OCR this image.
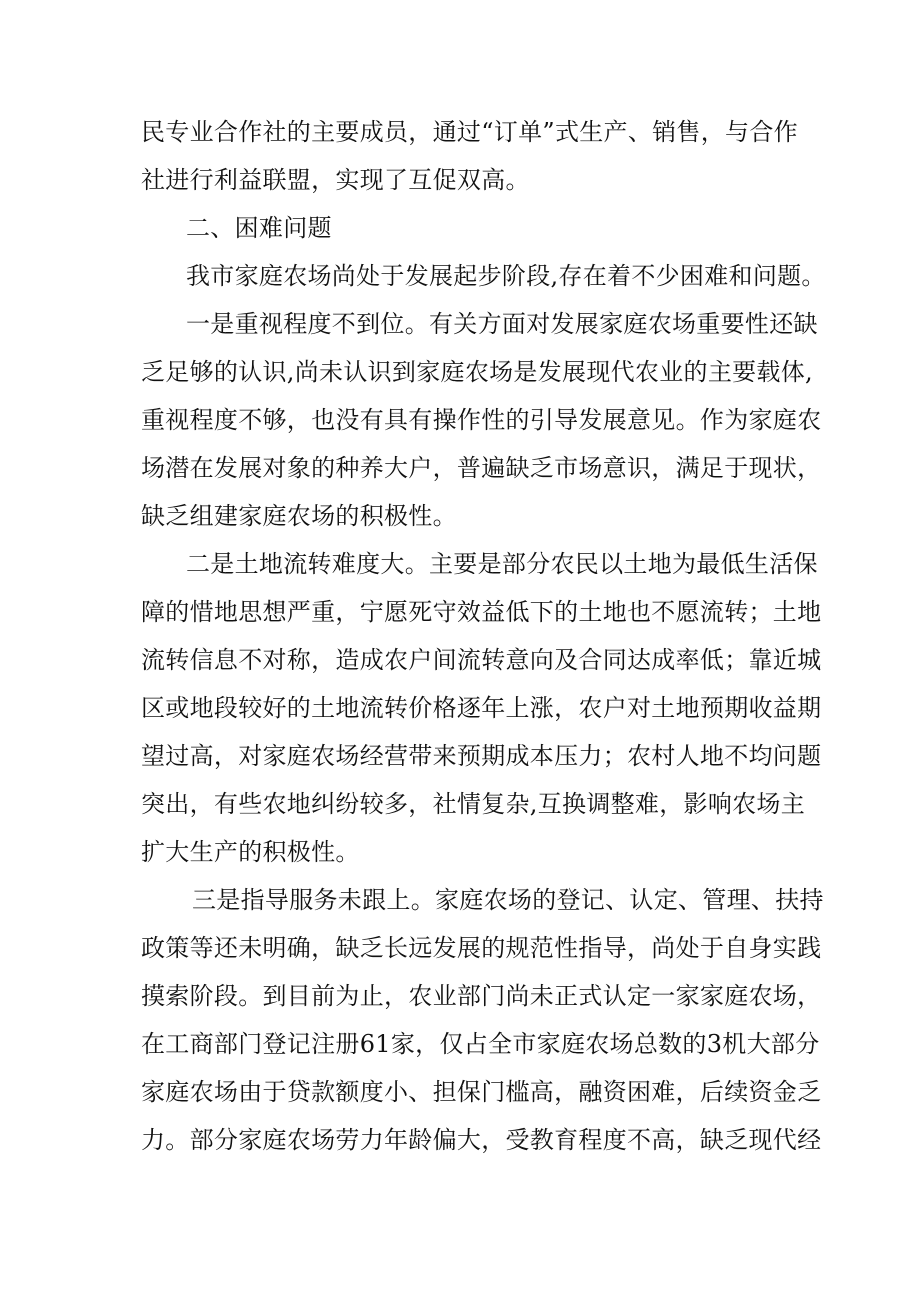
民专业合作社的主要成员，通过“订单”式生产、销售，与合作
社进行利益联盟，实现了互促双高。
二、困难问题
我市家庭农场尚处于发展起步阶段,存在着不少困难和问题。
一是重视程度不到位。有关方面对发展家庭农场重要性还缺
乏足够的认识,尚未认识到家庭农场是发展现代农业的主要载体,
重视程度不够，也没有具有操作性的引导发展意见。作为家庭农
场潜在发展对象的种养大户，普遍缺乏市场意识，满足于现状，
缺乏组建家庭农场的积极性。
二是土地流转难度大。主要是部分农民以土地为最低生活保
障的惜地思想严重，宁愿死守效益低下的土地也不愿流转；土地
流转信息不对称，造成农户间流转意向及合同达成率低；靠近城
区或地段较好的土地流转价格逐年上涨，农户对土地预期收益期
望过高，对家庭农场经营带来预期成本压力；农村人地不均问题
突出，有些农地纠纷较多，社情复杂,互换调整难，影响农场主
扩大生产的积极性。
三是指导服务未跟上。家庭农场的登记、认定、管理、扶持
政策等还未明确，缺乏长远发展的规范性指导，尚处于自身实践
摸索阶段。到目前为止，农业部门尚未正式认定一家家庭农场，
在工商部门登记注册61家，仅占全市家庭农场总数的3机大部分
家庭农场由于贷款额度小、担保门槛高，融资困难，后续资金乏
力。部分家庭农场劳力年龄偏大，受教育程度不高，缺乏现代经
